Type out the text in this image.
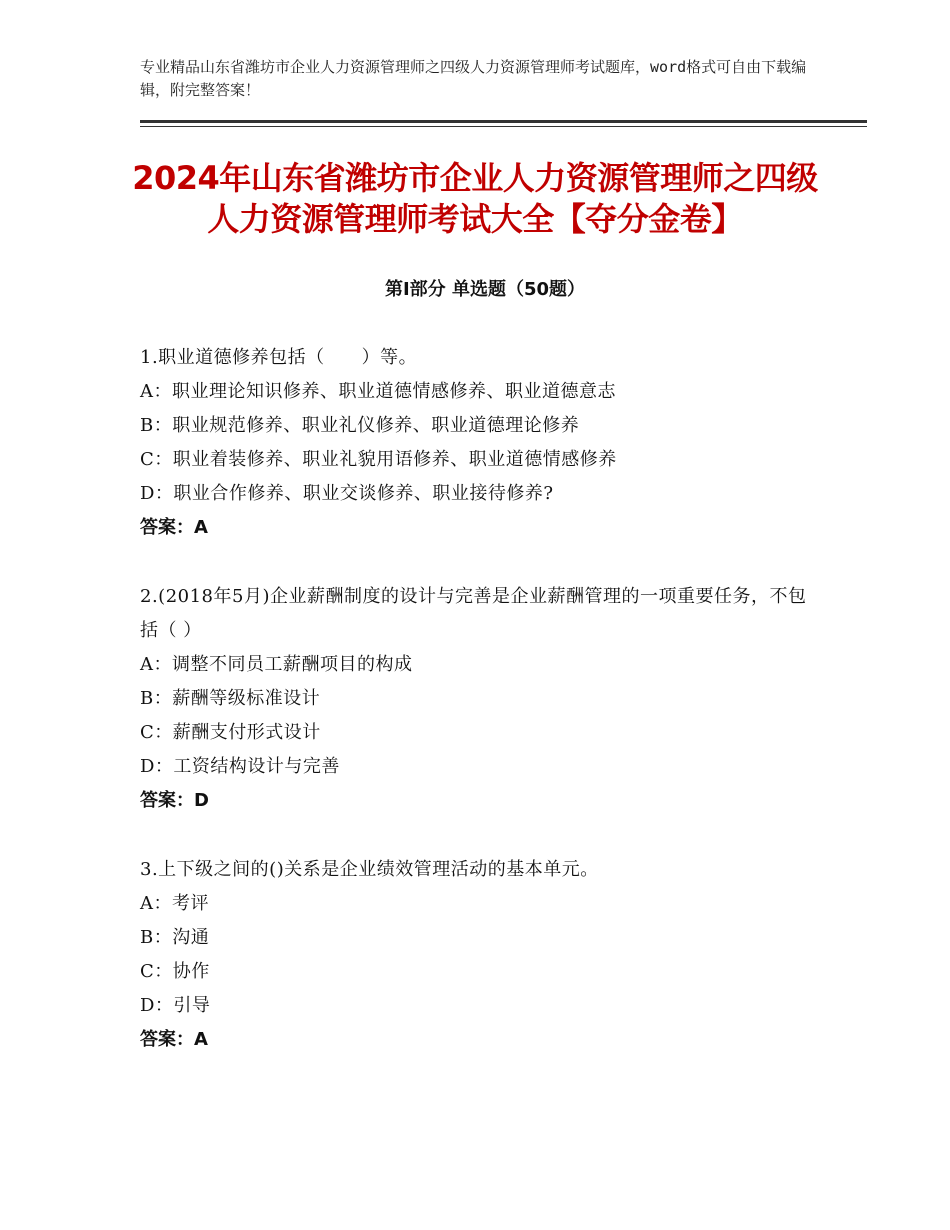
专业精品山东省潍坊市企业人力资源管理师之四级人力资源管理师考试题库，word格式可自由下载编辑，附完整答案！
2024年山东省潍坊市企业人力资源管理师之四级人力资源管理师考试大全【夺分金卷】
第Ⅰ部分 单选题（50题）
1.职业道德修养包括（　　）等。
A：职业理论知识修养、职业道德情感修养、职业道德意志
B：职业规范修养、职业礼仪修养、职业道德理论修养
C：职业着装修养、职业礼貌用语修养、职业道德情感修养
D：职业合作修养、职业交谈修养、职业接待修养?
答案：A
2.(2018年5月)企业薪酬制度的设计与完善是企业薪酬管理的一项重要任务，不包括（ ）
A：调整不同员工薪酬项目的构成
B：薪酬等级标准设计
C：薪酬支付形式设计
D：工资结构设计与完善
答案：D
3.上下级之间的()关系是企业绩效管理活动的基本单元。
A：考评
B：沟通
C：协作
D：引导
答案：A
